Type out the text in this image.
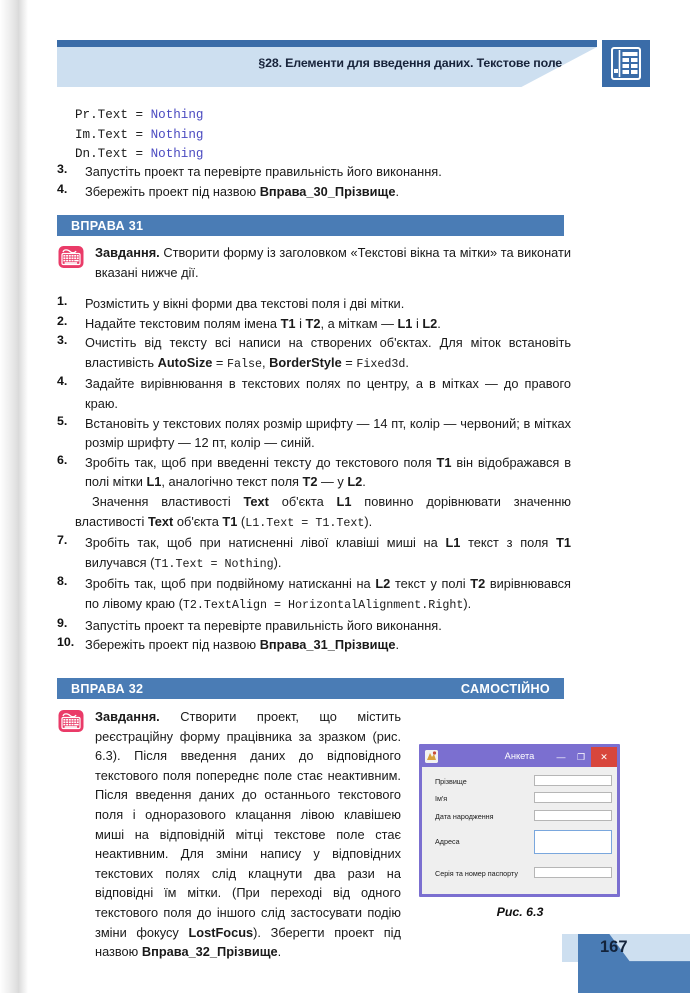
§28. Елементи для введення даних. Текстове поле
Pr.Text = Nothing
Im.Text = Nothing
Dn.Text = Nothing
3.	Запустіть проект та перевірте правильність його виконання.
4.	Збережіть проект під назвою Вправа_30_Прізвище.
ВПРАВА 31
Завдання. Створити форму із заголовком «Текстові вікна та мітки» та виконати вказані нижче дії.
1.	Розмістить у вікні форми два текстові поля і дві мітки.
2.	Надайте текстовим полям імена Т1 і Т2, а міткам — L1 і L2.
3.	Очистіть від тексту всі написи на створених об'єктах. Для міток встановіть властивість AutoSize = False, BorderStyle = Fixed3d.
4.	Задайте вирівнювання в текстових полях по центру, а в мітках — до правого краю.
5.	Встановіть у текстових полях розмір шрифту — 14 пт, колір — червоний; в мітках розмір шрифту — 12 пт, колір — синій.
6.	Зробіть так, щоб при введенні тексту до текстового поля Т1 він відображався в полі мітки L1, аналогічно текст поля Т2 — у L2.
Значення властивості Text об'єкта L1 повинно дорівнювати значенню властивості Text об'єкта Т1 (L1.Text = T1.Text).
7.	Зробіть так, щоб при натисненні лівої клавіші миші на L1 текст з поля Т1 вилучався (T1.Text = Nothing).
8.	Зробіть так, щоб при подвійному натисканні на L2 текст у полі Т2 вирівнювався по лівому краю (T2.TextAlign = HorizontalAlignment.Right).
9.	Запустіть проект та перевірте правильність його виконання.
10. Збережіть проект під назвою Вправа_31_Прізвище.
ВПРАВА 32	САМОСТІЙНО
Завдання. Створити проект, що містить реєстраційну форму працівника за зразком (рис. 6.3). Після введення даних до відповідного текстового поля попереднє поле стає неактивним. Після введення даних до останнього текстового поля і одноразового клацання лівою клавішею миші на відповідній мітці текстове поле стає неактивним. Для зміни напису у відповідних текстових полях слід клацнути два рази на відповідні їм мітки. (При переході від одного текстового поля до іншого слід застосувати подію зміни фокусу LostFocus). Зберегти проект під назвою Вправа_32_Прізвище.
Анкета	—	❐	✕
Прізвище
Ім'я
Дата народження
Адреса
Серія та номер паспорту
Рис. 6.3
167
